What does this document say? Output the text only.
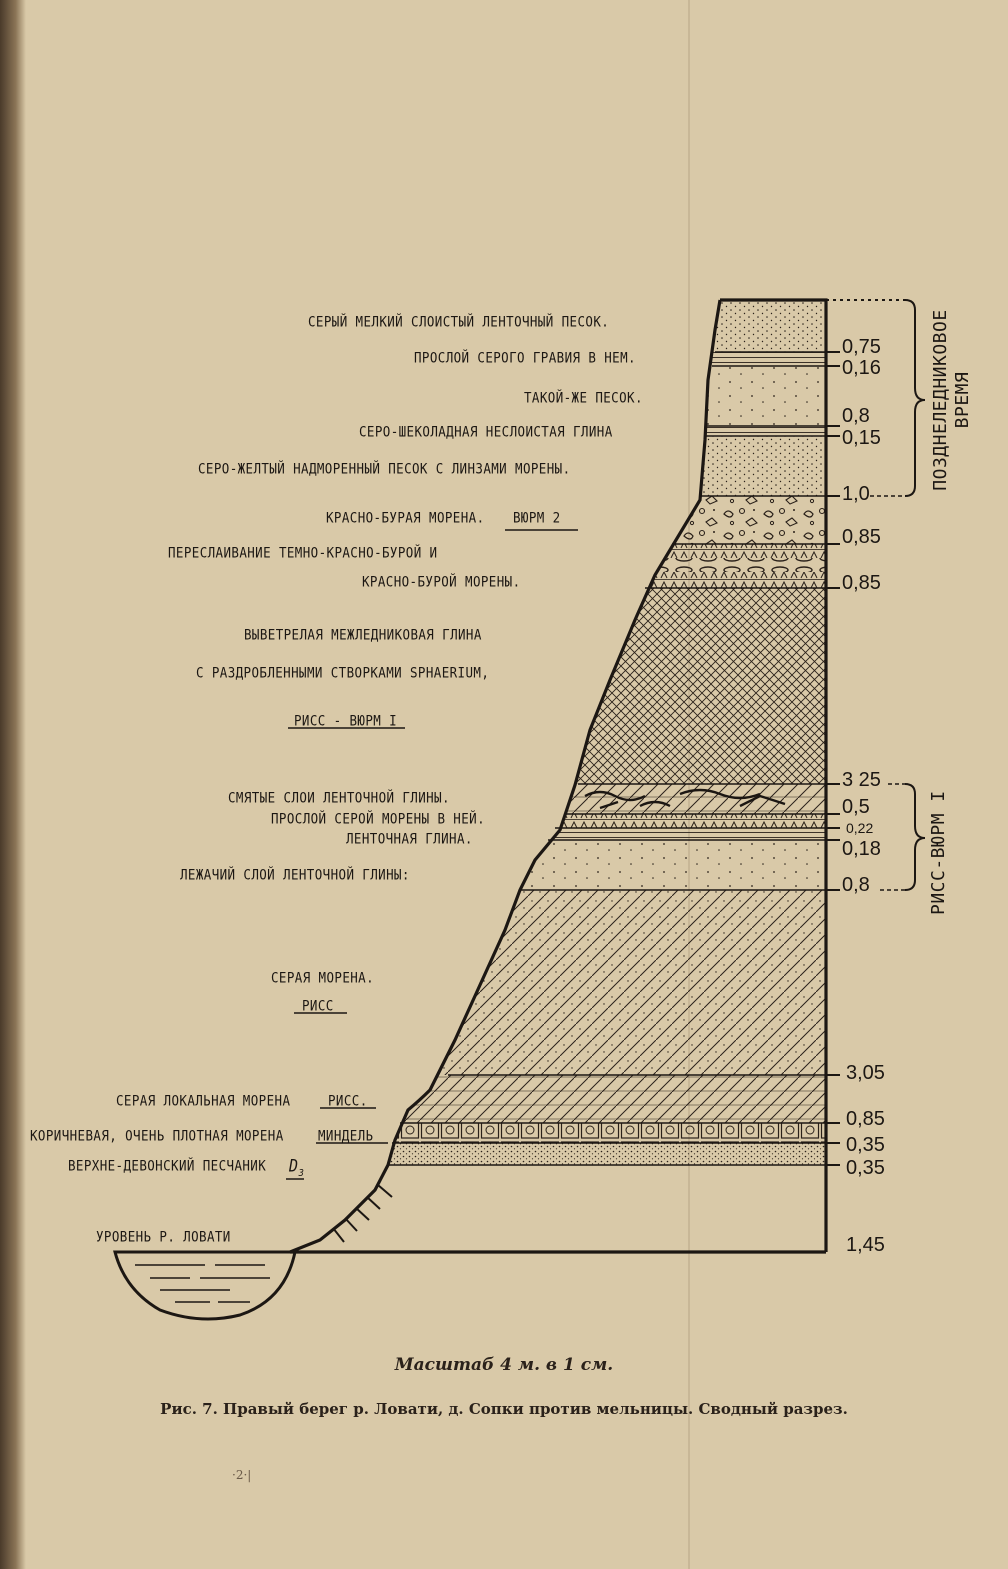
СЕРЫЙ МЕЛКИЙ СЛОИСТЫЙ ЛЕНТОЧНЫЙ ПЕСОК.
ПРОСЛОЙ СЕРОГО ГРАВИЯ В НЕМ.
ТАКОЙ-ЖЕ ПЕСОК.
СЕРО-ШЕКОЛАДНАЯ НЕСЛОИСТАЯ ГЛИНА
СЕРО-ЖЕЛТЫЙ НАДМОРЕННЫЙ ПЕСОК С ЛИНЗАМИ МОРЕНЫ.
КРАСНО-БУРАЯ МОРЕНА. ВЮРМ 2
ПЕРЕСЛАИВАНИЕ ТЕМНО-КРАСНО-БУРОЙ И
КРАСНО-БУРОЙ МОРЕНЫ.
ВЫВЕТРЕЛАЯ МЕЖЛЕДНИКОВАЯ ГЛИНА
С РАЗДРОБЛЕННЫМИ СТВОРКАМИ SPHAERIUM,
РИСС - ВЮРМ I
СМЯТЫЕ СЛОИ ЛЕНТОЧНОЙ ГЛИНЫ.
ПРОСЛОЙ СЕРОЙ МОРЕНЫ В НЕЙ.
ЛЕНТОЧНАЯ ГЛИНА.
ЛЕЖАЧИЙ СЛОЙ ЛЕНТОЧНОЙ ГЛИНЫ:
СЕРАЯ МОРЕНА.
РИСС
СЕРАЯ ЛОКАЛЬНАЯ МОРЕНА	РИСС.
КОРИЧНЕВАЯ, ОЧЕНЬ ПЛОТНАЯ МОРЕНА	МИНДЕЛЬ
ВЕРХНЕ-ДЕВОНСКИЙ ПЕСЧАНИК $D_3$
УРОВЕНЬ Р. ЛОВАТИ
0,75
0,16
0,8
0,15
1,0
0,85
0,85
3 25
0,5
0,22
0,18
0,8
3,05
0,85
0,35
0,35
1,45
ПОЗДНЕЛЕДНИКОВОЕ ВРЕМЯ
РИСС-ВЮРМ I
Масштаб 4 м. в 1 см.
Рис. 7. Правый берег р. Ловати, д. Сопки против мельницы. Сводный разрез.
·2·|
